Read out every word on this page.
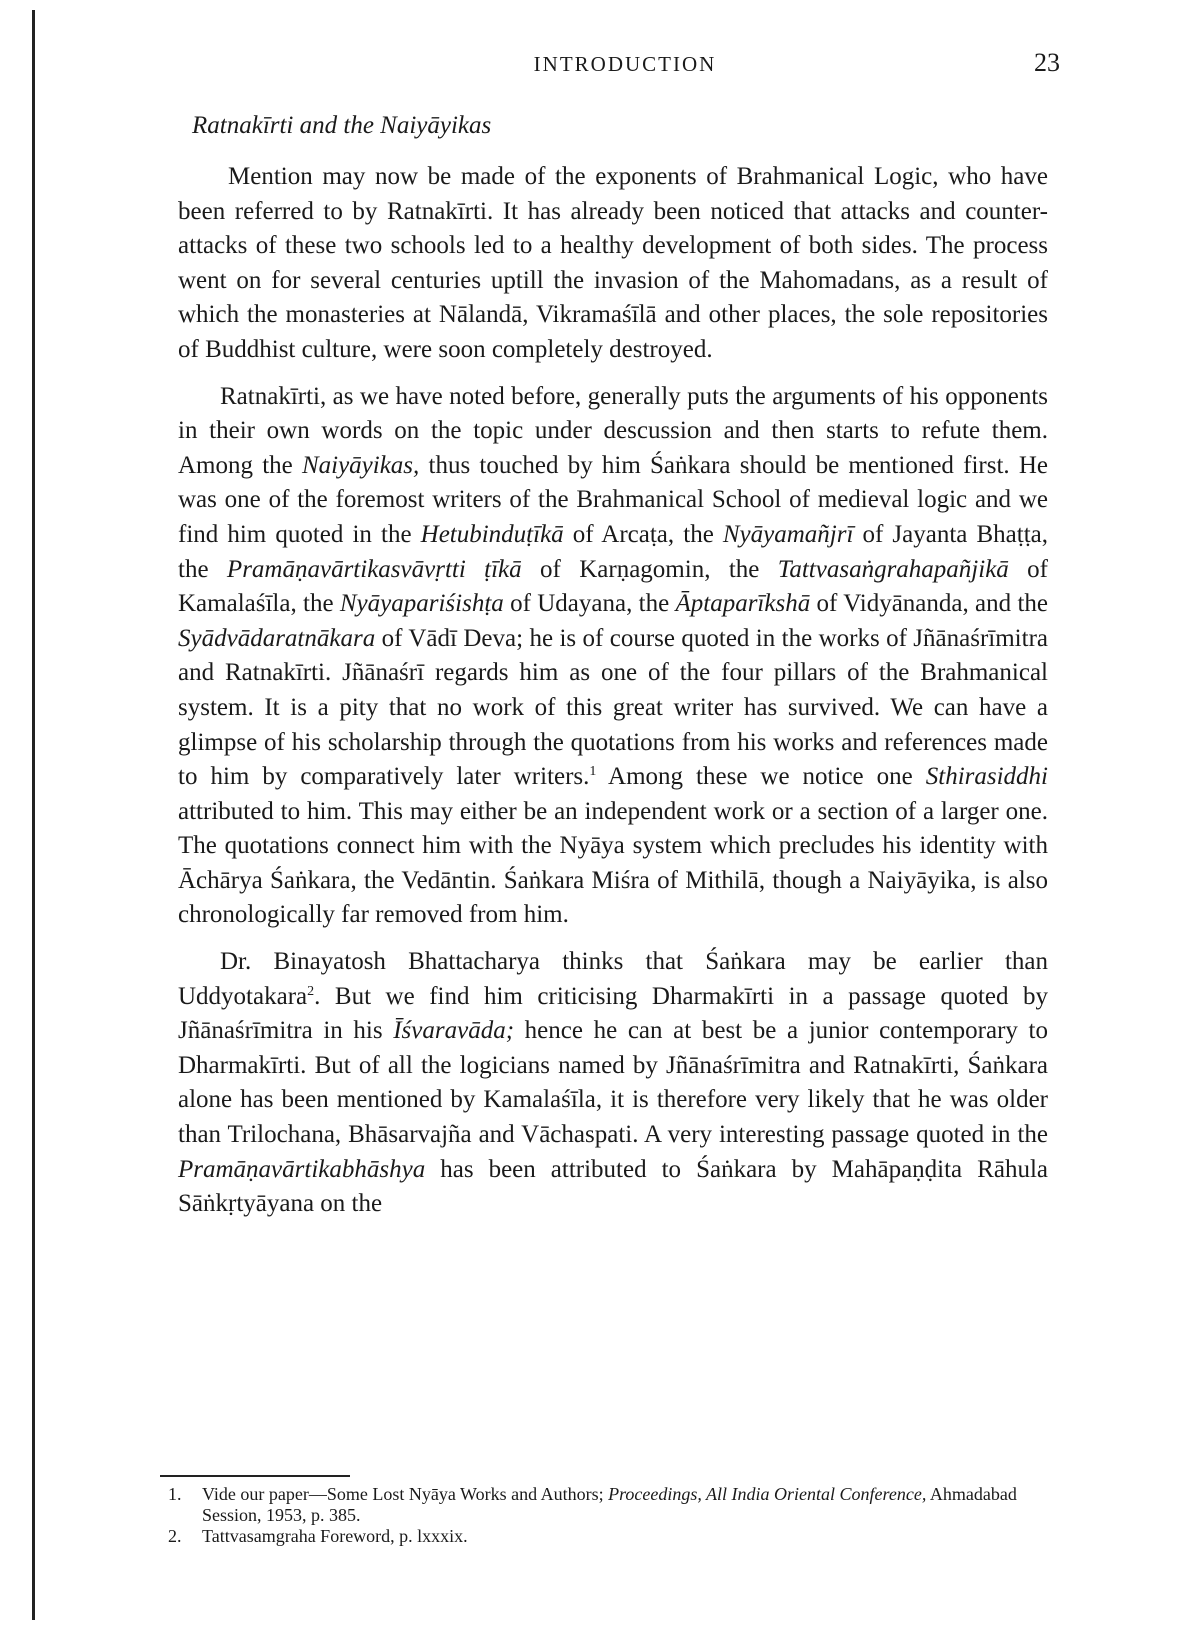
INTRODUCTION	23
Ratnakīrti and the Naiyāyikas

Mention may now be made of the exponents of Brahmanical Logic, who have been referred to by Ratnakīrti. It has already been noticed that attacks and counter-attacks of these two schools led to a healthy development of both sides. The process went on for several centuries uptill the invasion of the Mahomadans, as a result of which the monasteries at Nālandā, Vikramaśīlā and other places, the sole repositories of Buddhist culture, were soon completely destroyed.

Ratnakīrti, as we have noted before, generally puts the arguments of his opponents in their own words on the topic under descussion and then starts to refute them. Among the Naiyāyikas, thus touched by him Śaṅkara should be mentioned first. He was one of the foremost writers of the Brahmanical School of medieval logic and we find him quoted in the Hetubinduṭīkā of Arcaṭa, the Nyāyamañjrī of Jayanta Bhaṭṭa, the Pramāṇavārtikasvāvṛtti ṭīkā of Karṇagomin, the Tattvasaṅgrahapañjikā of Kamalaśīla, the Nyāyapariśishṭa of Udayana, the Āptaparīkshā of Vidyānanda, and the Syādvādaratnākara of Vādī Deva; he is of course quoted in the works of Jñānaśrīmitra and Ratnakīrti. Jñānaśrī regards him as one of the four pillars of the Brahmanical system. It is a pity that no work of this great writer has survived. We can have a glimpse of his scholarship through the quotations from his works and references made to him by comparatively later writers.$^1$ Among these we notice one Sthirasiddhi attributed to him. This may either be an independent work or a section of a larger one. The quotations connect him with the Nyāya system which precludes his identity with Āchārya Śaṅkara, the Vedāntin. Śaṅkara Miśra of Mithilā, though a Naiyāyika, is also chronologically far removed from him.

Dr. Binayatosh Bhattacharya thinks that Śaṅkara may be earlier than Uddyotakara$^2$. But we find him criticising Dharmakīrti in a passage quoted by Jñānaśrīmitra in his Īśvaravāda; hence he can at best be a junior contemporary to Dharmakīrti. But of all the logicians named by Jñānaśrīmitra and Ratnakīrti, Śaṅkara alone has been mentioned by Kamalaśīla, it is therefore very likely that he was older than Trilochana, Bhāsarvajña and Vāchaspati. A very interesting passage quoted in the Pramāṇavārtikabhāshya has been attributed to Śaṅkara by Mahāpaṇḍita Rāhula Sāṅkṛtyāyana on the

1.	Vide our paper—Some Lost Nyāya Works and Authors; Proceedings, All India Oriental Conference, Ahmadabad Session, 1953, p. 385.
2.	Tattvasamgraha Foreword, p. lxxxix.
